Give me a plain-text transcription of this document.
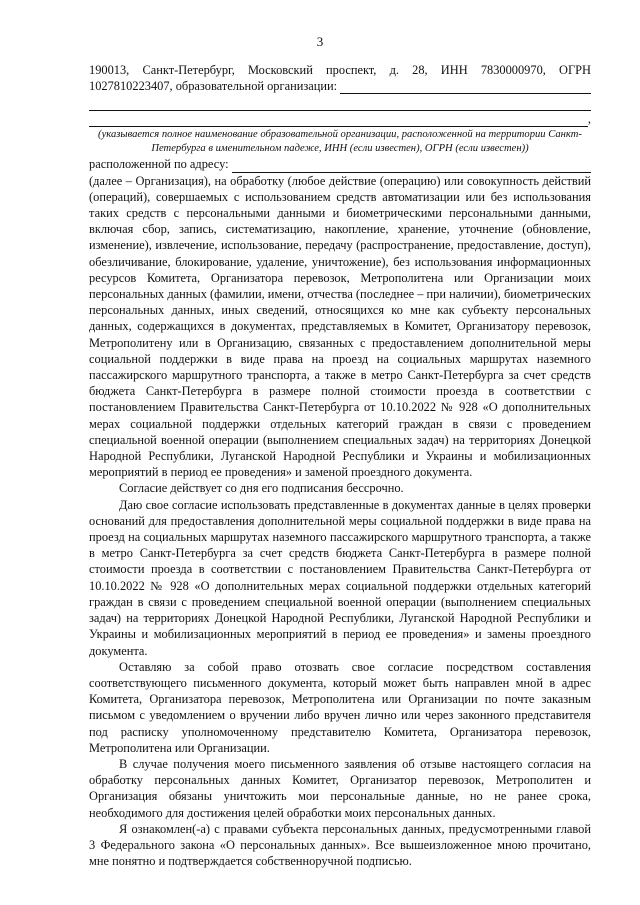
3

190013, Санкт-Петербург, Московский проспект, д. 28, ИНН 7830000970, ОГРН

1027810223407, образовательной организации:
,

(указывается полное наименование образовательной организации, расположенной на территории Санкт-Петербурга в именительном падеже, ИНН (если известен), ОГРН (если известен))

расположенной по адресу:

(далее – Организация), на обработку (любое действие (операцию) или совокупность действий (операций), совершаемых с использованием средств автоматизации или без использования таких средств с персональными данными и биометрическими персональными данными, включая сбор, запись, систематизацию, накопление, хранение, уточнение (обновление, изменение), извлечение, использование, передачу (распространение, предоставление, доступ), обезличивание, блокирование, удаление, уничтожение), без использования информационных ресурсов Комитета, Организатора перевозок, Метрополитена или Организации моих персональных данных (фамилии, имени, отчества (последнее – при наличии), биометрических персональных данных, иных сведений, относящихся ко мне как субъекту персональных данных, содержащихся в документах, представляемых в Комитет, Организатору перевозок, Метрополитену или в Организацию, связанных с предоставлением дополнительной меры социальной поддержки в виде права на проезд на социальных маршрутах наземного пассажирского маршрутного транспорта, а также в метро Санкт-Петербурга за счет средств бюджета Санкт-Петербурга в размере полной стоимости проезда в соответствии с постановлением Правительства Санкт-Петербурга от 10.10.2022 № 928 «О дополнительных мерах социальной поддержки отдельных категорий граждан в связи с проведением специальной военной операции (выполнением специальных задач) на территориях Донецкой Народной Республики, Луганской Народной Республики и Украины и мобилизационных мероприятий в период ее проведения» и заменой проездного документа.

Согласие действует со дня его подписания бессрочно.

Даю свое согласие использовать представленные в документах данные в целях проверки оснований для предоставления дополнительной меры социальной поддержки в виде права на проезд на социальных маршрутах наземного пассажирского маршрутного транспорта, а также в метро Санкт-Петербурга за счет средств бюджета Санкт-Петербурга в размере полной стоимости проезда в соответствии с постановлением Правительства Санкт-Петербурга от 10.10.2022 № 928 «О дополнительных мерах социальной поддержки отдельных категорий граждан в связи с проведением специальной военной операции (выполнением специальных задач) на территориях Донецкой Народной Республики, Луганской Народной Республики и Украины и мобилизационных мероприятий в период ее проведения» и замены проездного документа.

Оставляю за собой право отозвать свое согласие посредством составления соответствующего письменного документа, который может быть направлен мной в адрес Комитета, Организатора перевозок, Метрополитена или Организации по почте заказным письмом с уведомлением о вручении либо вручен лично или через законного представителя под расписку уполномоченному представителю Комитета, Организатора перевозок, Метрополитена или Организации.

В случае получения моего письменного заявления об отзыве настоящего согласия на обработку персональных данных Комитет, Организатор перевозок, Метрополитен и Организация обязаны уничтожить мои персональные данные, но не ранее срока, необходимого для достижения целей обработки моих персональных данных.

Я ознакомлен(-а) с правами субъекта персональных данных, предусмотренными главой 3 Федерального закона «О персональных данных». Все вышеизложенное мною прочитано, мне понятно и подтверждается собственноручной подписью.
